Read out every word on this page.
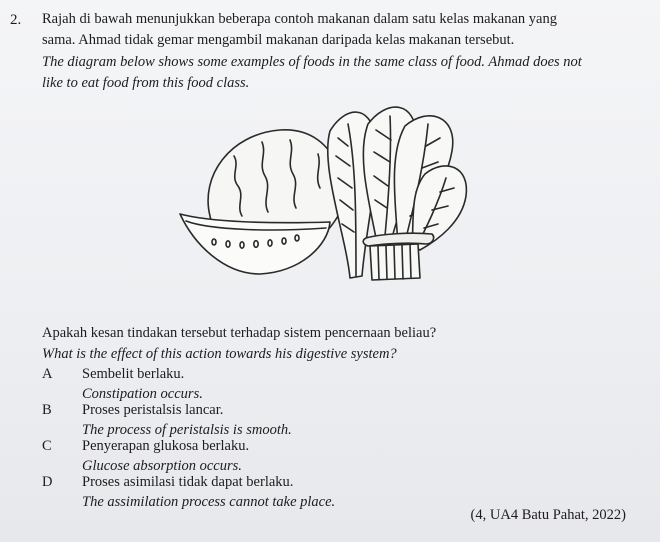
2. Rajah di bawah menunjukkan beberapa contoh makanan dalam satu kelas makanan yang
sama. Ahmad tidak gemar mengambil makanan daripada kelas makanan tersebut.
The diagram below shows some examples of foods in the same class of food. Ahmad does not
like to eat food from this food class.
Apakah kesan tindakan tersebut terhadap sistem pencernaan beliau?
What is the effect of this action towards his digestive system?
A Sembelit berlaku.
Constipation occurs.
B Proses peristalsis lancar.
The process of peristalsis is smooth.
C Penyerapan glukosa berlaku.
Glucose absorption occurs.
D Proses asimilasi tidak dapat berlaku.
The assimilation process cannot take place.
(4, UA4 Batu Pahat, 2022)
